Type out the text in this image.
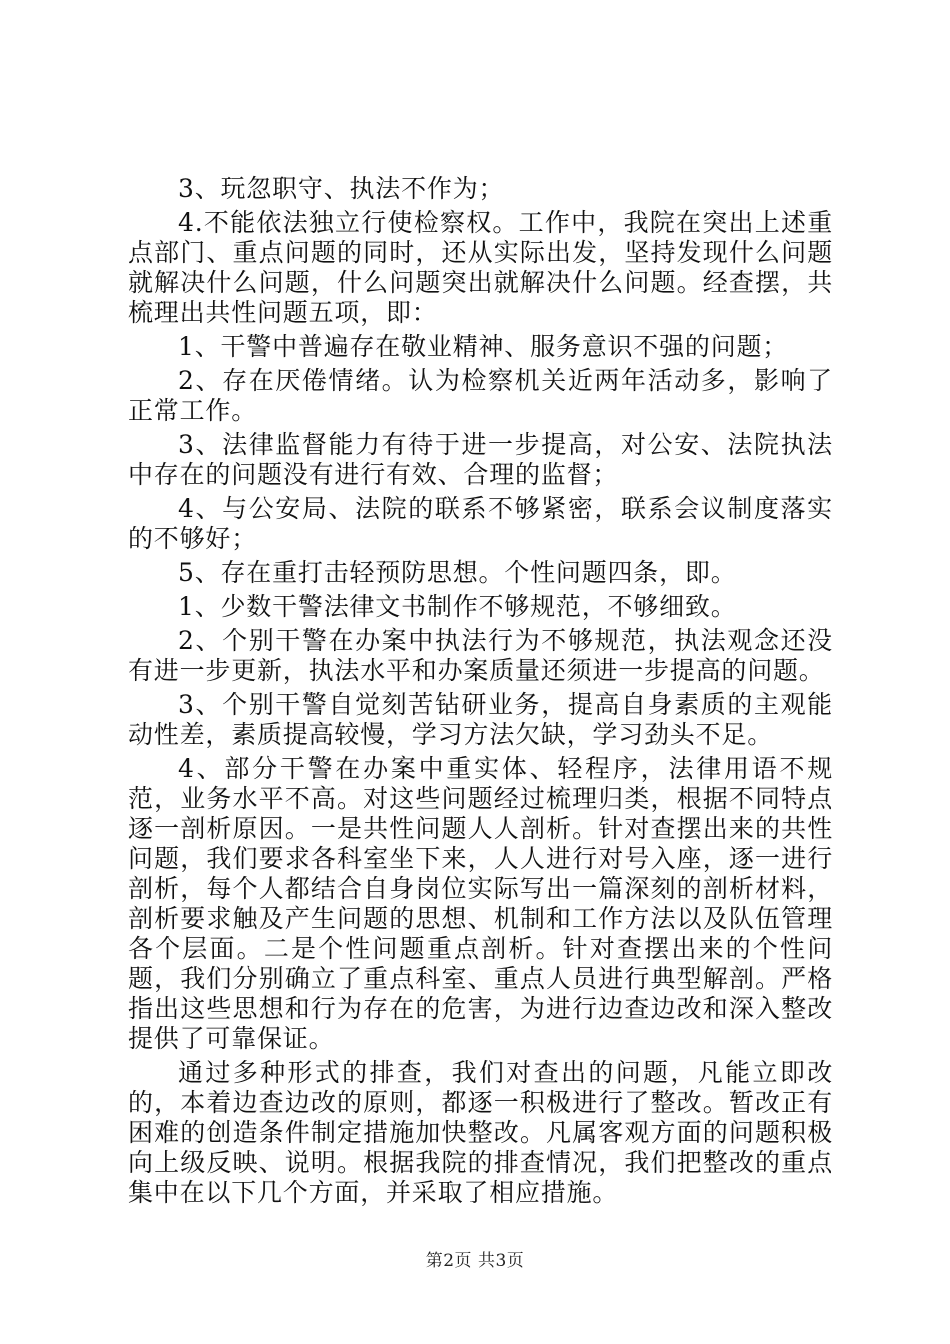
3、玩忽职守、执法不作为；

4.不能依法独立行使检察权。工作中，我院在突出上述重点部门、重点问题的同时，还从实际出发，坚持发现什么问题就解决什么问题，什么问题突出就解决什么问题。经查摆，共梳理出共性问题五项，即：

1、干警中普遍存在敬业精神、服务意识不强的问题；

2、存在厌倦情绪。认为检察机关近两年活动多，影响了正常工作。

3、法律监督能力有待于进一步提高，对公安、法院执法中存在的问题没有进行有效、合理的监督；

4、与公安局、法院的联系不够紧密，联系会议制度落实的不够好；

5、存在重打击轻预防思想。个性问题四条，即。

1、少数干警法律文书制作不够规范，不够细致。

2、个别干警在办案中执法行为不够规范，执法观念还没有进一步更新，执法水平和办案质量还须进一步提高的问题。

3、个别干警自觉刻苦钻研业务，提高自身素质的主观能动性差，素质提高较慢，学习方法欠缺，学习劲头不足。

4、部分干警在办案中重实体、轻程序，法律用语不规范，业务水平不高。对这些问题经过梳理归类，根据不同特点逐一剖析原因。一是共性问题人人剖析。针对查摆出来的共性问题，我们要求各科室坐下来，人人进行对号入座，逐一进行剖析，每个人都结合自身岗位实际写出一篇深刻的剖析材料，剖析要求触及产生问题的思想、机制和工作方法以及队伍管理各个层面。二是个性问题重点剖析。针对查摆出来的个性问题，我们分别确立了重点科室、重点人员进行典型解剖。严格指出这些思想和行为存在的危害，为进行边查边改和深入整改提供了可靠保证。

通过多种形式的排查，我们对查出的问题，凡能立即改的，本着边查边改的原则，都逐一积极进行了整改。暂改正有困难的创造条件制定措施加快整改。凡属客观方面的问题积极向上级反映、说明。根据我院的排查情况，我们把整改的重点集中在以下几个方面，并采取了相应措施。

第2页 共3页
